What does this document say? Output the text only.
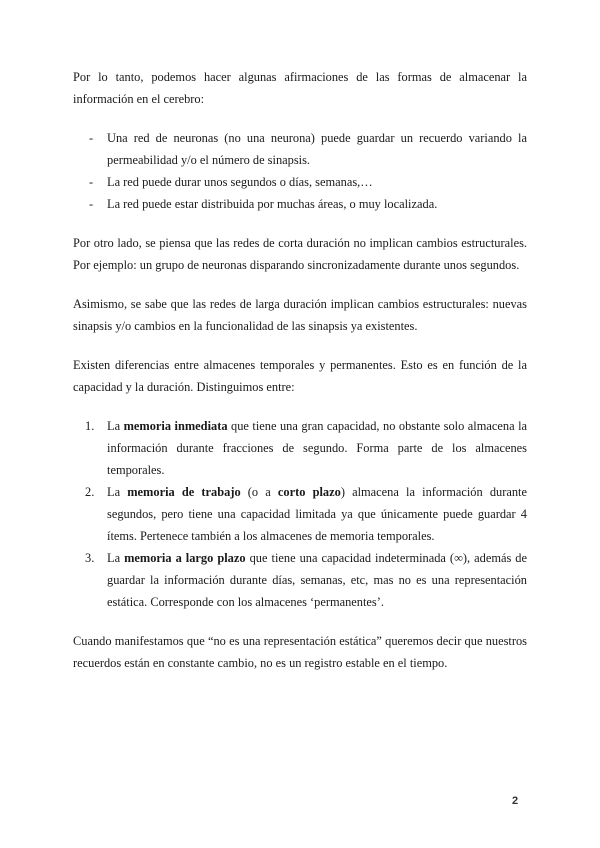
Por lo tanto, podemos hacer algunas afirmaciones de las formas de almacenar la información en el cerebro:

- Una red de neuronas (no una neurona) puede guardar un recuerdo variando la permeabilidad y/o el número de sinapsis.
- La red puede durar unos segundos o días, semanas,…
- La red puede estar distribuida por muchas áreas, o muy localizada.

Por otro lado, se piensa que las redes de corta duración no implican cambios estructurales. Por ejemplo: un grupo de neuronas disparando sincronizadamente durante unos segundos.

Asimismo, se sabe que las redes de larga duración implican cambios estructurales: nuevas sinapsis y/o cambios en la funcionalidad de las sinapsis ya existentes.

Existen diferencias entre almacenes temporales y permanentes. Esto es en función de la capacidad y la duración. Distinguimos entre:

1. La memoria inmediata que tiene una gran capacidad, no obstante solo almacena la información durante fracciones de segundo. Forma parte de los almacenes temporales.
2. La memoria de trabajo (o a corto plazo) almacena la información durante segundos, pero tiene una capacidad limitada ya que únicamente puede guardar 4 ítems. Pertenece también a los almacenes de memoria temporales.
3. La memoria a largo plazo que tiene una capacidad indeterminada (∞), además de guardar la información durante días, semanas, etc, mas no es una representación estática. Corresponde con los almacenes ‘permanentes’.

Cuando manifestamos que “no es una representación estática” queremos decir que nuestros recuerdos están en constante cambio, no es un registro estable en el tiempo.

2
